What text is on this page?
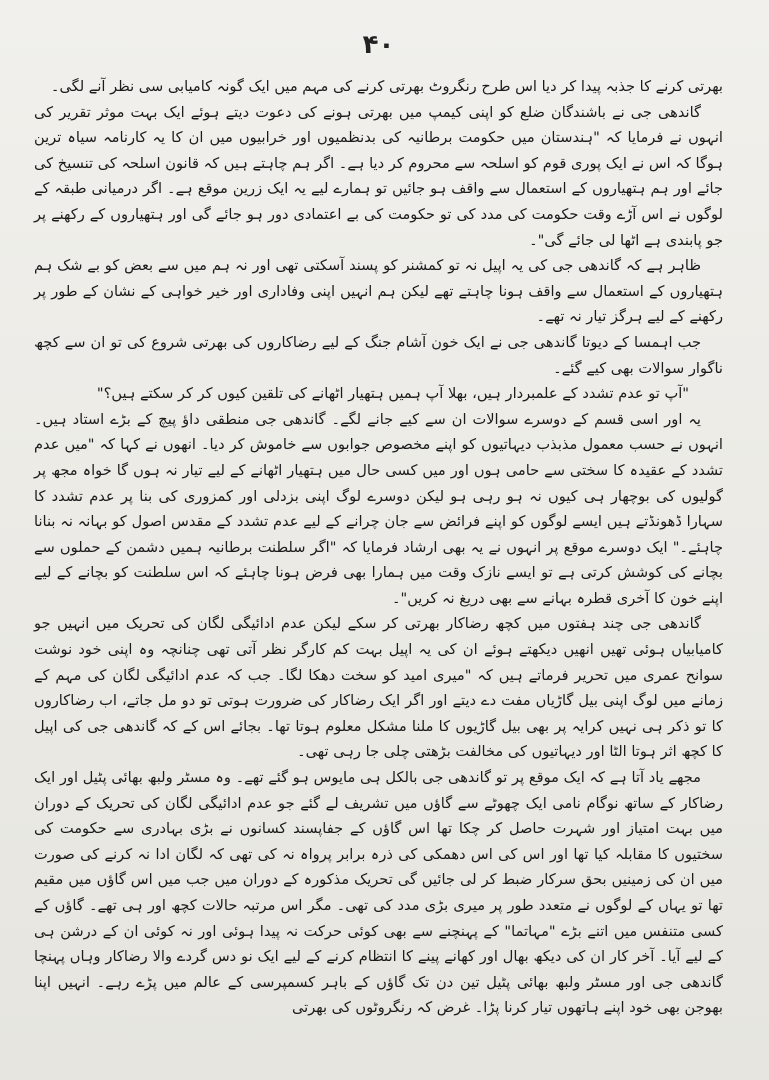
۴۰

بھرتی کرنے کا جذبہ پیدا کر دیا اس طرح رنگروٹ بھرتی کرنے کی مہم میں ایک گونہ کامیابی سی نظر آنے لگی۔

گاندھی جی نے باشندگان ضلع کو اپنی کیمپ میں بھرتی ہونے کی دعوت دیتے ہوئے ایک بہت موثر تقریر کی انہوں نے فرمایا کہ "ہندستان میں حکومت برطانیہ کی بدنظمیوں اور خرابیوں میں ان کا یہ کارنامہ سیاہ ترین ہوگا کہ اس نے ایک پوری قوم کو اسلحہ سے محروم کر دیا ہے۔ اگر ہم چاہتے ہیں کہ قانون اسلحہ کی تنسیخ کی جائے اور ہم ہتھیاروں کے استعمال سے واقف ہو جائیں تو ہمارے لیے یہ ایک زرین موقع ہے۔ اگر درمیانی طبقہ کے لوگوں نے اس آڑے وقت حکومت کی مدد کی تو حکومت کی بے اعتمادی دور ہو جائے گی اور ہتھیاروں کے رکھنے پر جو پابندی ہے اٹھا لی جائے گی"۔

ظاہر ہے کہ گاندھی جی کی یہ اپیل نہ تو کمشنر کو پسند آسکتی تھی اور نہ ہم میں سے بعض کو بے شک ہم ہتھیاروں کے استعمال سے واقف ہونا چاہتے تھے لیکن ہم انہیں اپنی وفاداری اور خیر خواہی کے نشان کے طور پر رکھنے کے لیے ہرگز تیار نہ تھے۔

جب اہمسا کے دیوتا گاندھی جی نے ایک خون آشام جنگ کے لیے رضاکاروں کی بھرتی شروع کی تو ان سے کچھ ناگوار سوالات بھی کیے گئے۔

"آپ تو عدم تشدد کے علمبردار ہیں، بھلا آپ ہمیں ہتھیار اٹھانے کی تلقین کیوں کر کر سکتے ہیں؟"

یہ اور اسی قسم کے دوسرے سوالات ان سے کیے جانے لگے۔ گاندھی جی منطقی داؤ پیچ کے بڑے استاد ہیں۔ انہوں نے حسب معمول مذبذب دیہاتیوں کو اپنے مخصوص جوابوں سے خاموش کر دیا۔ انھوں نے کہا کہ "میں عدم تشدد کے عقیدہ کا سختی سے حامی ہوں اور میں کسی حال میں ہتھیار اٹھانے کے لیے تیار نہ ہوں گا خواہ مجھ پر گولیوں کی بوچھار ہی کیوں نہ ہو رہی ہو لیکن دوسرے لوگ اپنی بزدلی اور کمزوری کی بنا پر عدم تشدد کا سہارا ڈھونڈتے ہیں ایسے لوگوں کو اپنے فرائض سے جان چرانے کے لیے عدم تشدد کے مقدس اصول کو بہانہ نہ بنانا چاہئے۔" ایک دوسرے موقع پر انہوں نے یہ بھی ارشاد فرمایا کہ "اگر سلطنت برطانیہ ہمیں دشمن کے حملوں سے بچانے کی کوشش کرتی ہے تو ایسے نازک وقت میں ہمارا بھی فرض ہونا چاہئے کہ اس سلطنت کو بچانے کے لیے اپنے خون کا آخری قطرہ بہانے سے بھی دریغ نہ کریں"۔

گاندھی جی چند ہفتوں میں کچھ رضاکار بھرتی کر سکے لیکن عدم ادائیگی لگان کی تحریک میں انہیں جو کامیابیاں ہوئی تھیں انھیں دیکھتے ہوئے ان کی یہ اپیل بہت کم کارگر نظر آتی تھی چنانچہ وہ اپنی خود نوشت سوانح عمری میں تحریر فرماتے ہیں کہ "میری امید کو سخت دھکا لگا۔ جب کہ عدم ادائیگی لگان کی مہم کے زمانے میں لوگ اپنی بیل گاڑیاں مفت دے دیتے اور اگر ایک رضاکار کی ضرورت ہوتی تو دو مل جاتے، اب رضاکاروں کا تو ذکر ہی نہیں کرایہ پر بھی بیل گاڑیوں کا ملنا مشکل معلوم ہوتا تھا۔ بجائے اس کے کہ گاندھی جی کی اپیل کا کچھ اثر ہوتا الٹا اور دیہاتیوں کی مخالفت بڑھتی چلی جا رہی تھی۔

مجھے یاد آتا ہے کہ ایک موقع پر تو گاندھی جی بالکل ہی مایوس ہو گئے تھے۔ وہ مسٹر ولبھ بھائی پٹیل اور ایک رضاکار کے ساتھ نوگام نامی ایک چھوٹے سے گاؤں میں تشریف لے گئے جو عدم ادائیگی لگان کی تحریک کے دوران میں بہت امتیاز اور شہرت حاصل کر چکا تھا اس گاؤں کے جفاپسند کسانوں نے بڑی بہادری سے حکومت کی سختیوں کا مقابلہ کیا تھا اور اس کی اس دھمکی کی ذرہ برابر پرواہ نہ کی تھی کہ لگان ادا نہ کرنے کی صورت میں ان کی زمینیں بحق سرکار ضبط کر لی جائیں گی تحریک مذکورہ کے دوران میں جب میں اس گاؤں میں مقیم تھا تو یہاں کے لوگوں نے متعدد طور پر میری بڑی مدد کی تھی۔ مگر اس مرتبہ حالات کچھ اور ہی تھے۔ گاؤں کے کسی متنفس میں اتنے بڑے "مہاتما" کے پہنچنے سے بھی کوئی حرکت نہ پیدا ہوئی اور نہ کوئی ان کے درشن ہی کے لیے آیا۔ آخر کار ان کی دیکھ بھال اور کھانے پینے کا انتظام کرنے کے لیے ایک نو دس گردے والا رضاکار وہاں پہنچا گاندھی جی اور مسٹر ولبھ بھائی پٹیل تین دن تک گاؤں کے باہر کسمپرسی کے عالم میں پڑے رہے۔ انہیں اپنا بھوجن بھی خود اپنے ہاتھوں تیار کرنا پڑا۔ غرض کہ رنگروٹوں کی بھرتی
